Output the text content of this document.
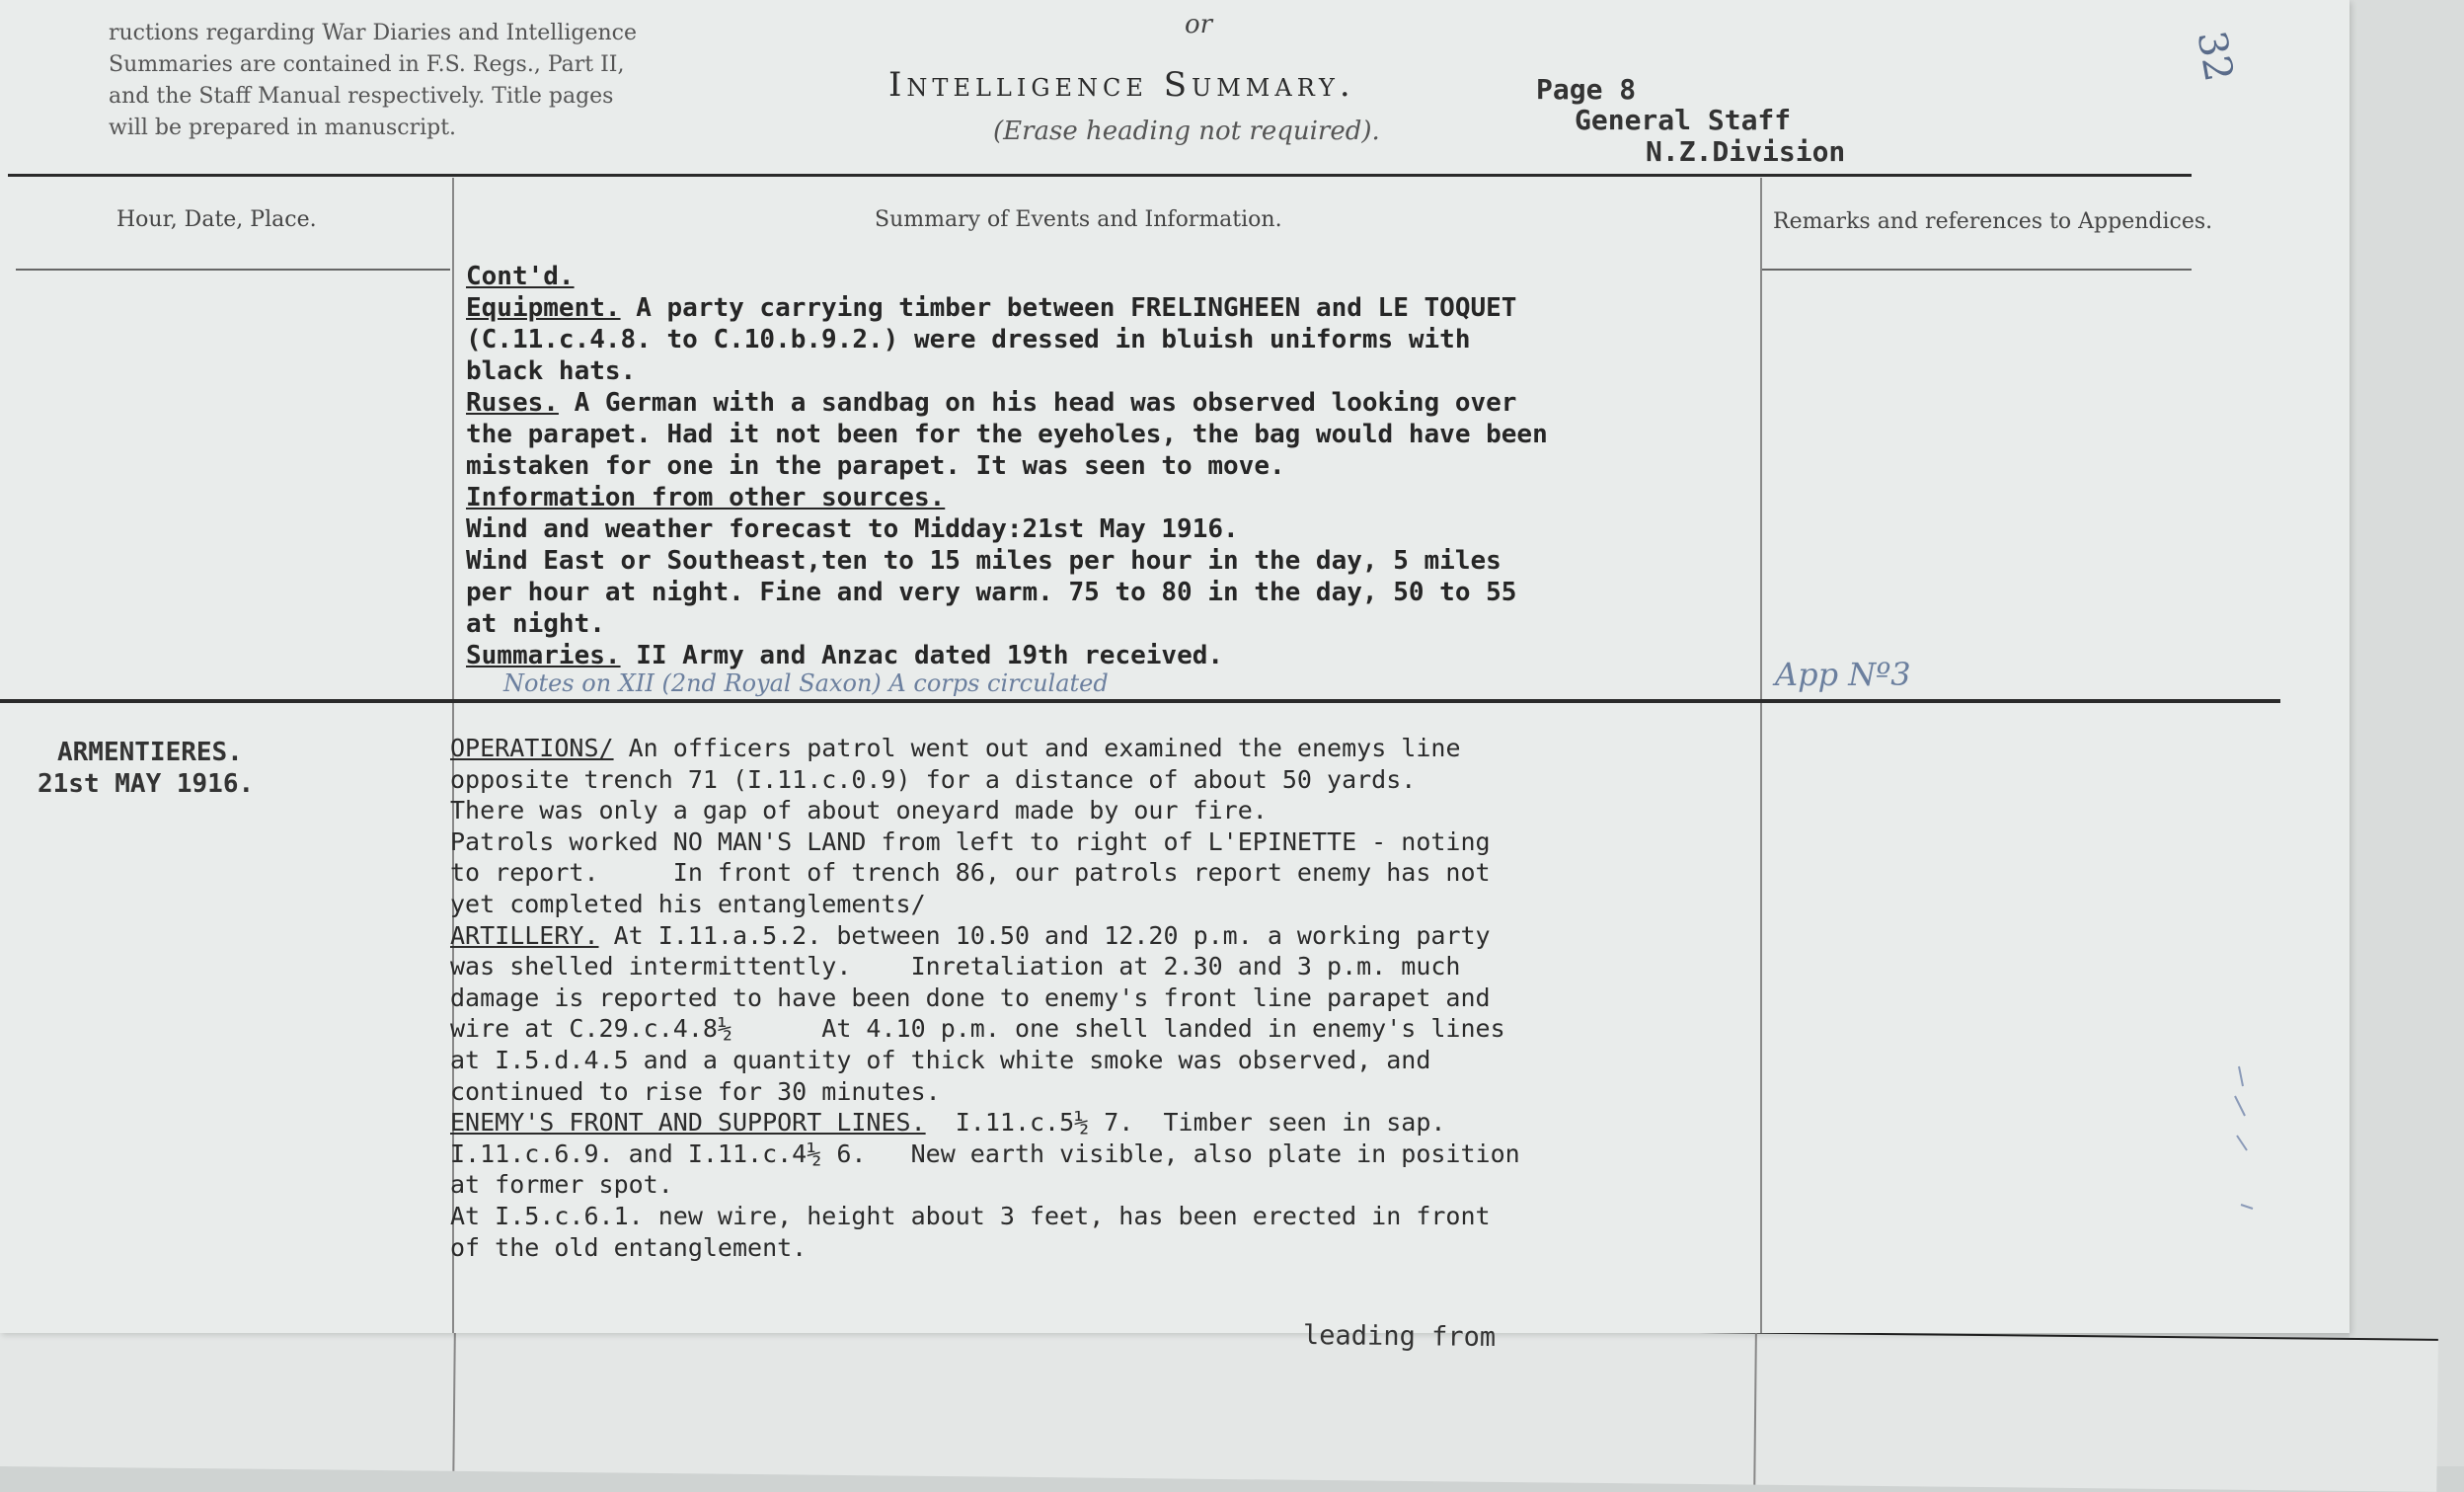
ructions regarding War Diaries and Intelligence
Summaries are contained in F.S. Regs., Part II,
and the Staff Manual respectively. Title pages
will be prepared in manuscript.
or
Intelligence Summary.	Page 8
(Erase heading not required).	General Staff
N.Z.Division
32
Hour, Date, Place.	Summary of Events and Information.	Remarks and references to Appendices.
Cont'd.
Equipment. A party carrying timber between FRELINGHEEN and LE TOQUET
(C.11.c.4.8. to C.10.b.9.2.) were dressed in bluish uniforms with
black hats.
Ruses. A German with a sandbag on his head was observed looking over
the parapet. Had it not been for the eyeholes, the bag would have been
mistaken for one in the parapet. It was seen to move.
Information from other sources.
Wind and weather forecast to Midday:21st May 1916.
Wind East or Southeast,ten to 15 miles per hour in the day, 5 miles
per hour at night. Fine and very warm. 75 to 80 in the day, 50 to 55
at night.
Summaries. II Army and Anzac dated 19th received.
Notes on XII (2nd Royal Saxon) A corps circulated	App Nº3
ARMENTIERES.
21st MAY 1916.
OPERATIONS/ An officers patrol went out and examined the enemys line
opposite trench 71 (I.11.c.0.9) for a distance of about 50 yards.
There was only a gap of about oneyard made by our fire.
Patrols worked NO MAN'S LAND from left to right of L'EPINETTE - noting
to report.     In front of trench 86, our patrols report enemy has not
yet completed his entanglements/
ARTILLERY. At I.11.a.5.2. between 10.50 and 12.20 p.m. a working party
was shelled intermittently.    Inretaliation at 2.30 and 3 p.m. much
damage is reported to have been done to enemy's front line parapet and
wire at C.29.c.4.8½      At 4.10 p.m. one shell landed in enemy's lines
at I.5.d.4.5 and a quantity of thick white smoke was observed, and
continued to rise for 30 minutes.
ENEMY'S FRONT AND SUPPORT LINES.  I.11.c.5½ 7.  Timber seen in sap.
I.11.c.6.9. and I.11.c.4½ 6.   New earth visible, also plate in position
at former spot.
At I.5.c.6.1. new wire, height about 3 feet, has been erected in front
of the old entanglement.
leading from
